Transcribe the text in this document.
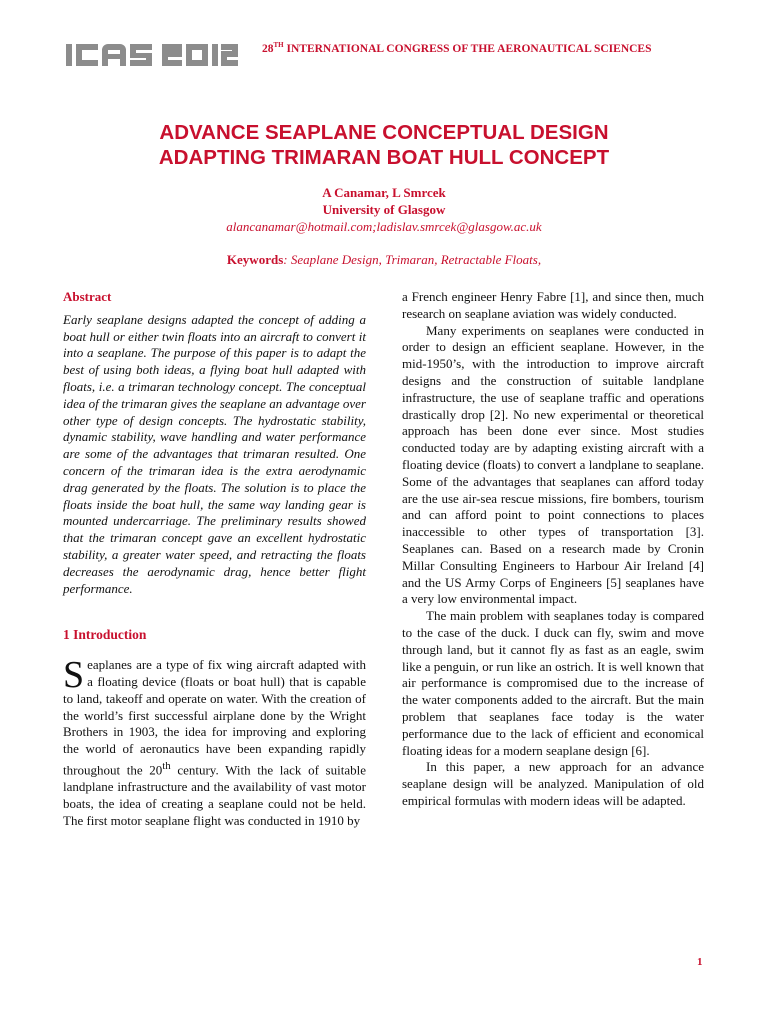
28TH INTERNATIONAL CONGRESS OF THE AERONAUTICAL SCIENCES
ADVANCE SEAPLANE CONCEPTUAL DESIGN
ADAPTING TRIMARAN BOAT HULL CONCEPT
A Canamar, L Smrcek
University of Glasgow
alancanamar@hotmail.com;ladislav.smrcek@glasgow.ac.uk
Keywords: Seaplane Design, Trimaran, Retractable Floats,

Abstract

Early seaplane designs adapted the concept of adding a boat hull or either twin floats into an aircraft to convert it into a seaplane. The purpose of this paper is to adapt the best of using both ideas, a flying boat hull adapted with floats, i.e. a trimaran technology concept. The conceptual idea of the trimaran gives the seaplane an advantage over other type of design concepts. The hydrostatic stability, dynamic stability, wave handling and water performance are some of the advantages that trimaran resulted. One concern of the trimaran idea is the extra aerodynamic drag generated by the floats. The solution is to place the floats inside the boat hull, the same way landing gear is mounted undercarriage. The preliminary results showed that the trimaran concept gave an excellent hydrostatic stability, a greater water speed, and retracting the floats decreases the aerodynamic drag, hence better flight performance.

1 Introduction

Seaplanes are a type of fix wing aircraft adapted with a floating device (floats or boat hull) that is capable to land, takeoff and operate on water. With the creation of the world’s first successful airplane done by the Wright Brothers in 1903, the idea for improving and exploring the world of aeronautics have been expanding rapidly throughout the 20th century. With the lack of suitable landplane infrastructure and the availability of vast motor boats, the idea of creating a seaplane could not be held. The first motor seaplane flight was conducted in 1910 by

a French engineer Henry Fabre [1], and since then, much research on seaplane aviation was widely conducted.

Many experiments on seaplanes were conducted in order to design an efficient seaplane. However, in the mid-1950’s, with the introduction to improve aircraft designs and the construction of suitable landplane infrastructure, the use of seaplane traffic and operations drastically drop [2]. No new experimental or theoretical approach has been done ever since. Most studies conducted today are by adapting existing aircraft with a floating device (floats) to convert a landplane to seaplane. Some of the advantages that seaplanes can afford today are the use air-sea rescue missions, fire bombers, tourism and can afford point to point connections to places inaccessible to other types of transportation [3]. Seaplanes can. Based on a research made by Cronin Millar Consulting Engineers to Harbour Air Ireland [4] and the US Army Corps of Engineers [5] seaplanes have a very low environmental impact.

The main problem with seaplanes today is compared to the case of the duck. I duck can fly, swim and move through land, but it cannot fly as fast as an eagle, swim like a penguin, or run like an ostrich. It is well known that air performance is compromised due to the increase of the water components added to the aircraft. But the main problem that seaplanes face today is the water performance due to the lack of efficient and economical floating ideas for a modern seaplane design [6].

In this paper, a new approach for an advance seaplane design will be analyzed. Manipulation of old empirical formulas with modern ideas will be adapted.

1
